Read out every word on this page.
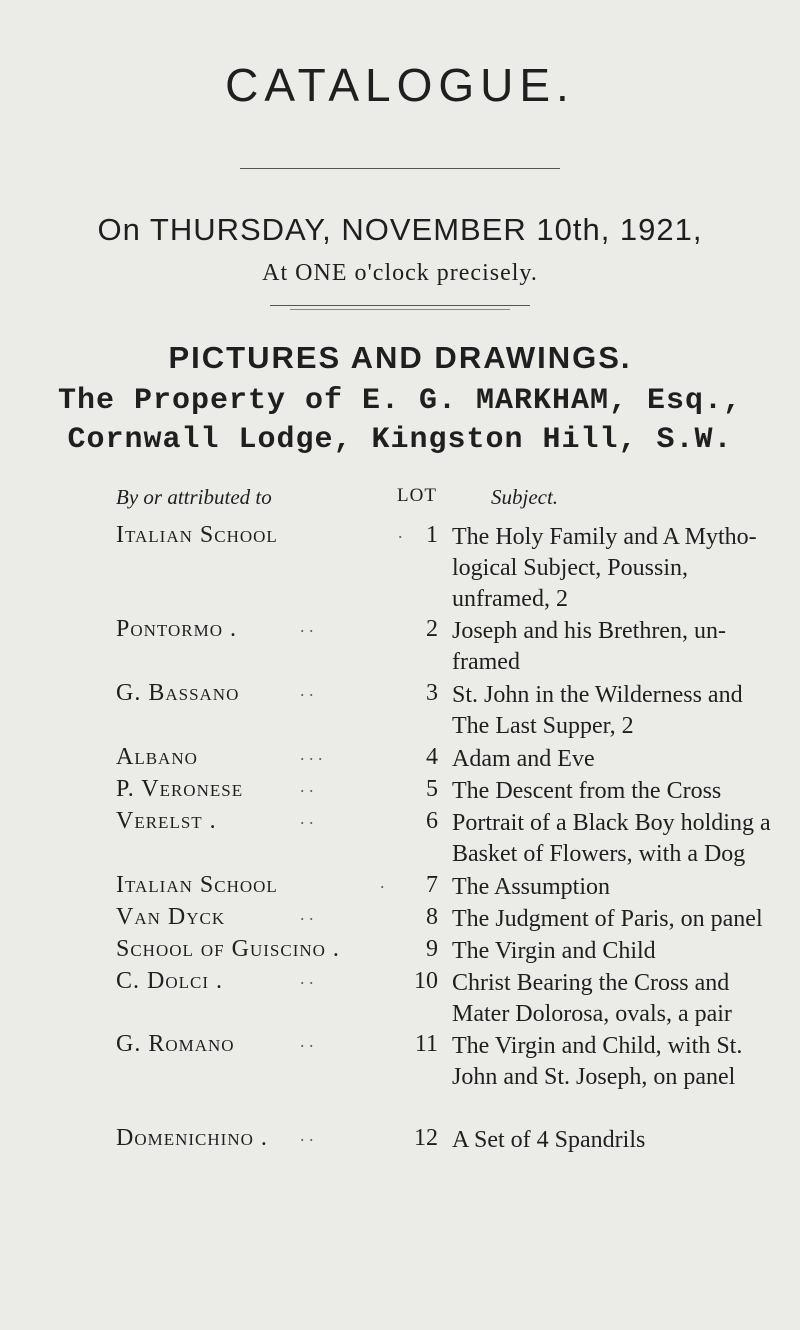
CATALOGUE.
On THURSDAY, NOVEMBER 10th, 1921,
At ONE o'clock precisely.
PICTURES AND DRAWINGS.
The Property of E. G. MARKHAM, Esq.,
Cornwall Lodge, Kingston Hill, S.W.
By or attributed to	LOT	Subject.
Italian School	. 1 The Holy Family and A Mytho- logical Subject, Poussin, unframed, 2
Pontormo .	. .	2 Joseph and his Brethren, un- framed
G. Bassano	. .	3 St. John in the Wilderness and The Last Supper, 2
Albano	. . .	4 Adam and Eve
P. Veronese	. .	5 The Descent from the Cross
Verelst .	. .	6 Portrait of a Black Boy holding a Basket of Flowers, with a Dog
Italian School	.	7 The Assumption
Van Dyck	. .	8 The Judgment of Paris, on panel
School of Guiscino .	9 The Virgin and Child
C. Dolci .	. .	10 Christ Bearing the Cross and Mater Dolorosa, ovals, a pair
G. Romano	. .	11 The Virgin and Child, with St. John and St. Joseph, on panel
Domenichino . . .	12 A Set of 4 Spandrils
